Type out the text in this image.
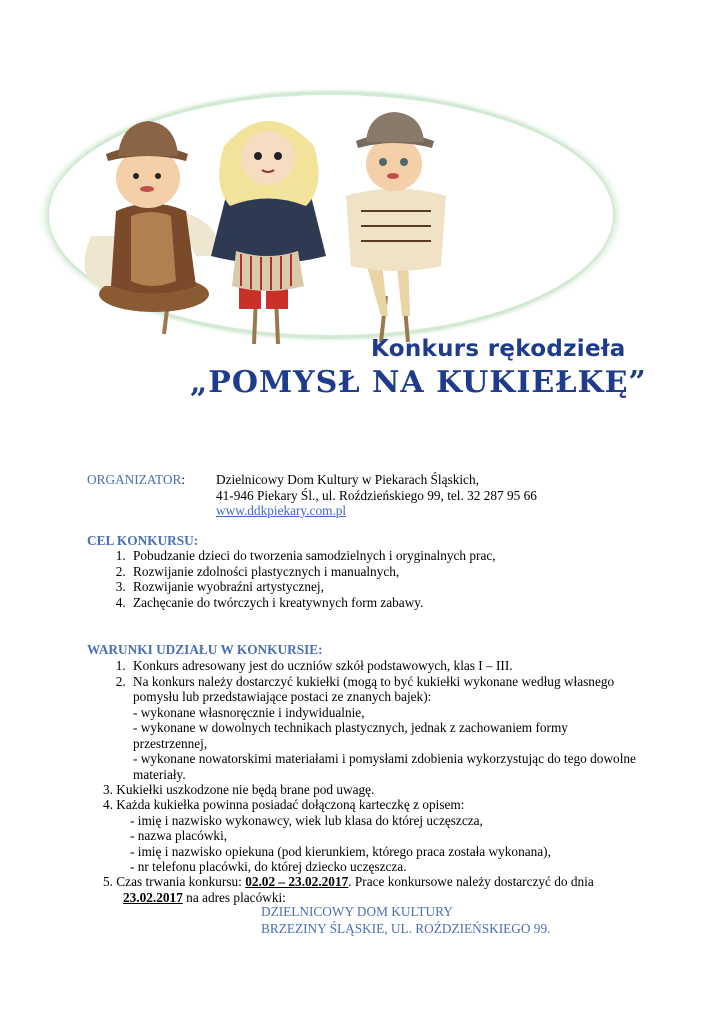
Konkurs rękodzieła
„POMYSŁ NA KUKIEŁKĘ”
ORGANIZATOR: Dzielnicowy Dom Kultury w Piekarach Śląskich,
41-946 Piekary Śl., ul. Roździeńskiego 99, tel. 32 287 95 66
www.ddkpiekary.com.pl
CEL KONKURSU:
1. Pobudzanie dzieci do tworzenia samodzielnych i oryginalnych prac,
2. Rozwijanie zdolności plastycznych i manualnych,
3. Rozwijanie wyobraźni artystycznej,
4. Zachęcanie do twórczych i kreatywnych form zabawy.
WARUNKI UDZIAŁU W KONKURSIE:
1. Konkurs adresowany jest do uczniów szkół podstawowych, klas I – III.
2. Na konkurs należy dostarczyć kukiełki (mogą to być kukiełki wykonane według własnego
pomysłu lub przedstawiające postaci ze znanych bajek):
- wykonane własnoręcznie i indywidualnie,
- wykonane w dowolnych technikach plastycznych, jednak z zachowaniem formy
przestrzennej,
- wykonane nowatorskimi materiałami i pomysłami zdobienia wykorzystując do tego dowolne
materiały.
3. Kukiełki uszkodzone nie będą brane pod uwagę.
4. Każda kukiełka powinna posiadać dołączoną karteczkę z opisem:
- imię i nazwisko wykonawcy, wiek lub klasa do której uczęszcza,
- nazwa placówki,
- imię i nazwisko opiekuna (pod kierunkiem, którego praca została wykonana),
- nr telefonu placówki, do której dziecko uczęszcza.
5. Czas trwania konkursu: 02.02 – 23.02.2017. Prace konkursowe należy dostarczyć do dnia
23.02.2017 na adres placówki:
DZIELNICOWY DOM KULTURY
BRZEZINY ŚLĄSKIE, UL. ROŹDZIEŃSKIEGO 99.
